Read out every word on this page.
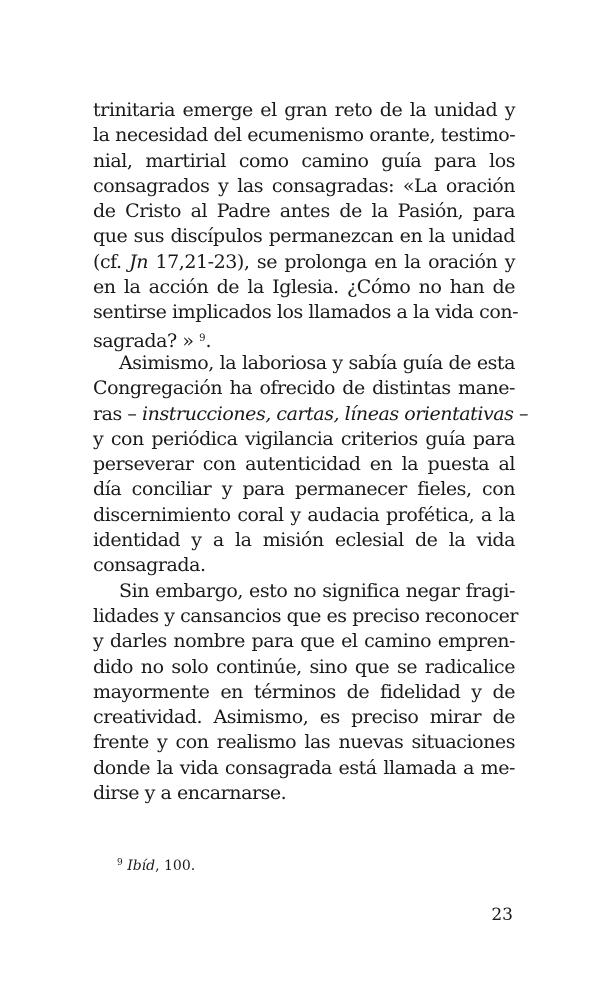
trinitaria emerge el gran reto de la unidad y
la necesidad del ecumenismo orante, testimo-
nial, martirial como camino guía para los
consagrados y las consagradas: «La oración
de Cristo al Padre antes de la Pasión, para
que sus discípulos permanezcan en la unidad
(cf. Jn 17,21-23), se prolonga en la oración y
en la acción de la Iglesia. ¿Cómo no han de
sentirse implicados los llamados a la vida con-
sagrada? » $^9$.
Asimismo, la laboriosa y sabía guía de esta
Congregación ha ofrecido de distintas mane-
ras – instrucciones, cartas, líneas orientativas –
y con periódica vigilancia criterios guía para
perseverar con autenticidad en la puesta al
día conciliar y para permanecer fieles, con
discernimiento coral y audacia profética, a la
identidad y a la misión eclesial de la vida
consagrada.
Sin embargo, esto no significa negar fragi-
lidades y cansancios que es preciso reconocer
y darles nombre para que el camino empren-
dido no solo continúe, sino que se radicalice
mayormente en términos de fidelidad y de
creatividad. Asimismo, es preciso mirar de
frente y con realismo las nuevas situaciones
donde la vida consagrada está llamada a me-
dirse y a encarnarse.
$^9$ Ibíd, 100.
23
